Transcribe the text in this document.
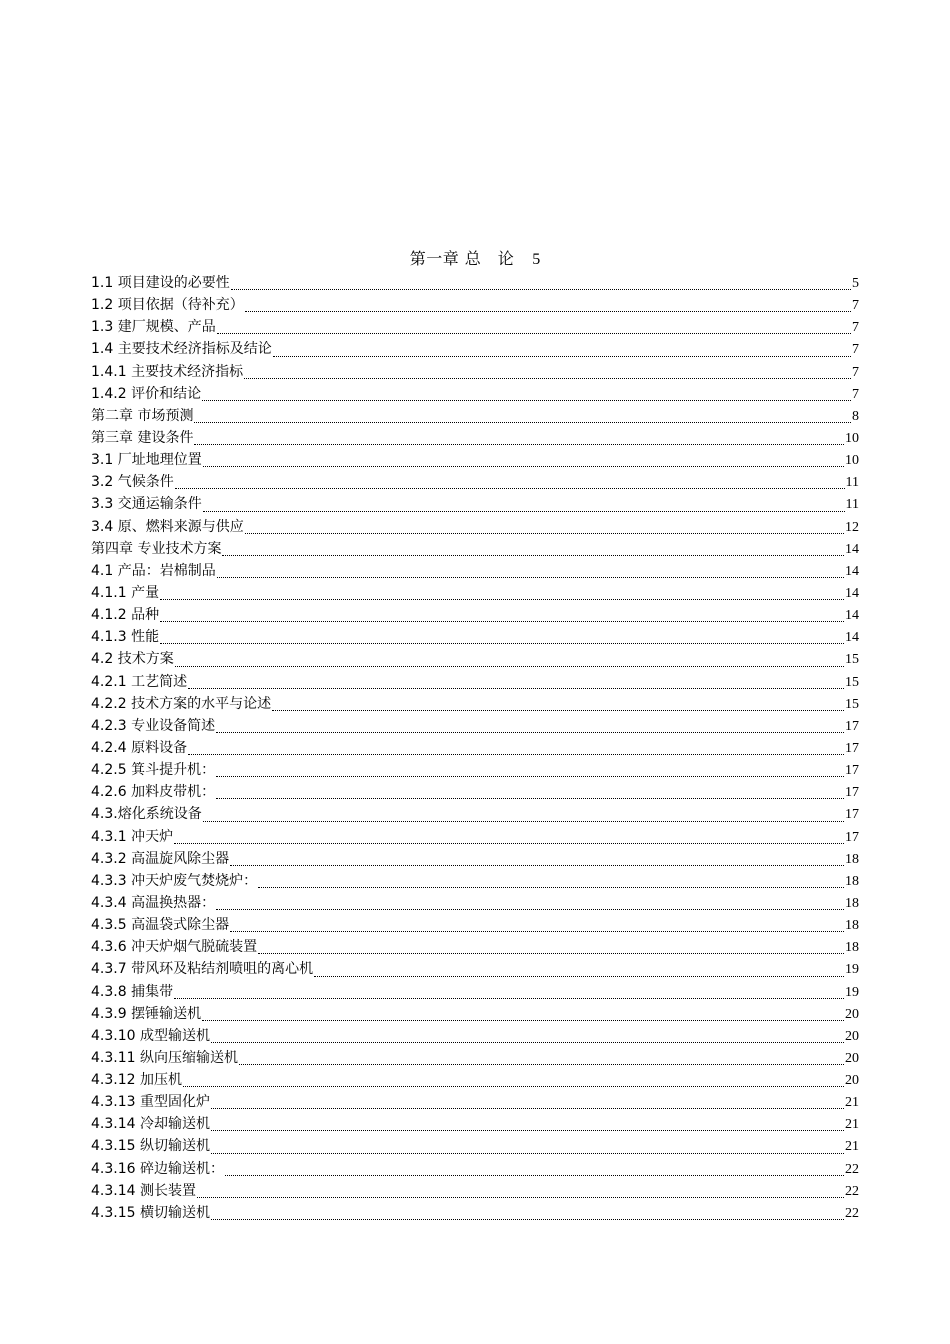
第一章 总　论 5
1.1 项目建设的必要性	5
1.2 项目依据（待补充）	7
1.3 建厂规模、产品	7
1.4 主要技术经济指标及结论	7
1.4.1 主要技术经济指标	7
1.4.2 评价和结论	7
第二章 市场预测	8
第三章 建设条件	10
3.1 厂址地理位置	10
3.2 气候条件	11
3.3 交通运输条件	11
3.4 原、燃料来源与供应	12
第四章 专业技术方案	14
4.1 产品：岩棉制品	14
4.1.1 产量	14
4.1.2 品种	14
4.1.3 性能	14
4.2 技术方案	15
4.2.1 工艺简述	15
4.2.2 技术方案的水平与论述	15
4.2.3 专业设备简述	17
4.2.4 原料设备	17
4.2.5 箕斗提升机：	17
4.2.6 加料皮带机：	17
4.3.熔化系统设备	17
4.3.1 冲天炉	17
4.3.2 高温旋风除尘器	18
4.3.3 冲天炉废气焚烧炉：	18
4.3.4 高温换热器：	18
4.3.5 高温袋式除尘器	18
4.3.6 冲天炉烟气脱硫装置	18
4.3.7 带风环及粘结剂喷咀的离心机	19
4.3.8 捕集带	19
4.3.9 摆锤输送机	20
4.3.10 成型输送机	20
4.3.11 纵向压缩输送机	20
4.3.12 加压机	20
4.3.13 重型固化炉	21
4.3.14 冷却输送机	21
4.3.15 纵切输送机	21
4.3.16 碎边输送机：	22
4.3.14 测长装置	22
4.3.15 横切输送机	22
